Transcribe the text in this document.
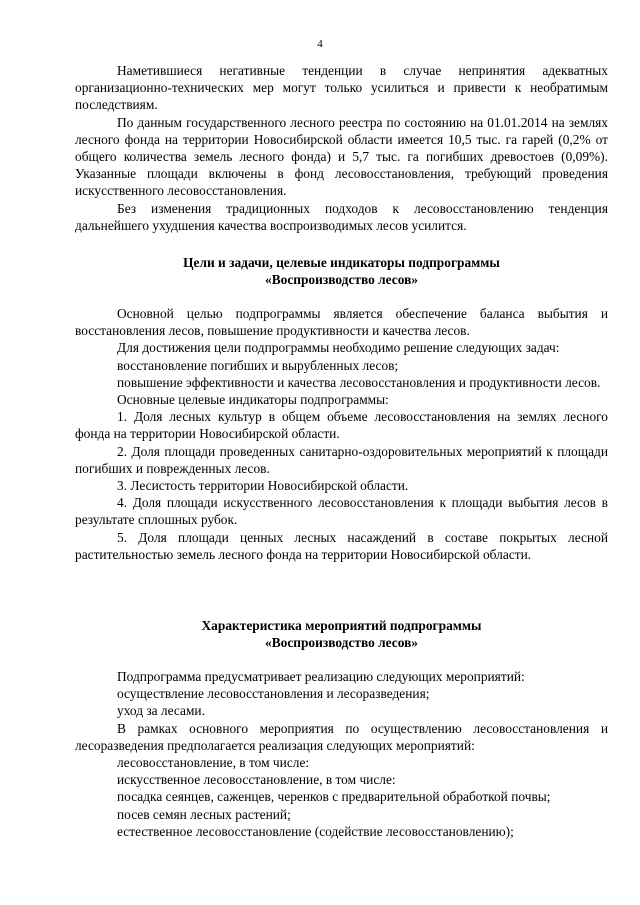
4

Наметившиеся негативные тенденции в случае непринятия адекватных организационно-технических мер могут только усилиться и привести к необратимым последствиям.

По данным государственного лесного реестра по состоянию на 01.01.2014 на землях лесного фонда на территории Новосибирской области имеется 10,5 тыс. га гарей (0,2% от общего количества земель лесного фонда) и 5,7 тыс. га погибших древостоев (0,09%). Указанные площади включены в фонд лесовосстановления, требующий проведения искусственного лесовосстановления.

Без изменения традиционных подходов к лесовосстановлению тенденция дальнейшего ухудшения качества воспроизводимых лесов усилится.

Цели и задачи, целевые индикаторы подпрограммы
«Воспроизводство лесов»

Основной целью подпрограммы является обеспечение баланса выбытия и восстановления лесов, повышение продуктивности и качества лесов.

Для достижения цели подпрограммы необходимо решение следующих задач:

восстановление погибших и вырубленных лесов;

повышение эффективности и качества лесовосстановления и продуктивности лесов.

Основные целевые индикаторы подпрограммы:

1. Доля лесных культур в общем объеме лесовосстановления на землях лесного фонда на территории Новосибирской области.

2. Доля площади проведенных санитарно-оздоровительных мероприятий к площади погибших и поврежденных лесов.

3. Лесистость территории Новосибирской области.

4. Доля площади искусственного лесовосстановления к площади выбытия лесов в результате сплошных рубок.

5. Доля площади ценных лесных насаждений в составе покрытых лесной растительностью земель лесного фонда на территории Новосибирской области.

Характеристика мероприятий подпрограммы
«Воспроизводство лесов»

Подпрограмма предусматривает реализацию следующих мероприятий:

осуществление лесовосстановления и лесоразведения;

уход за лесами.

В рамках основного мероприятия по осуществлению лесовосстановления и лесоразведения предполагается реализация следующих мероприятий:

лесовосстановление, в том числе:

искусственное лесовосстановление, в том числе:

посадка сеянцев, саженцев, черенков с предварительной обработкой почвы;

посев семян лесных растений;

естественное лесовосстановление (содействие лесовосстановлению);
